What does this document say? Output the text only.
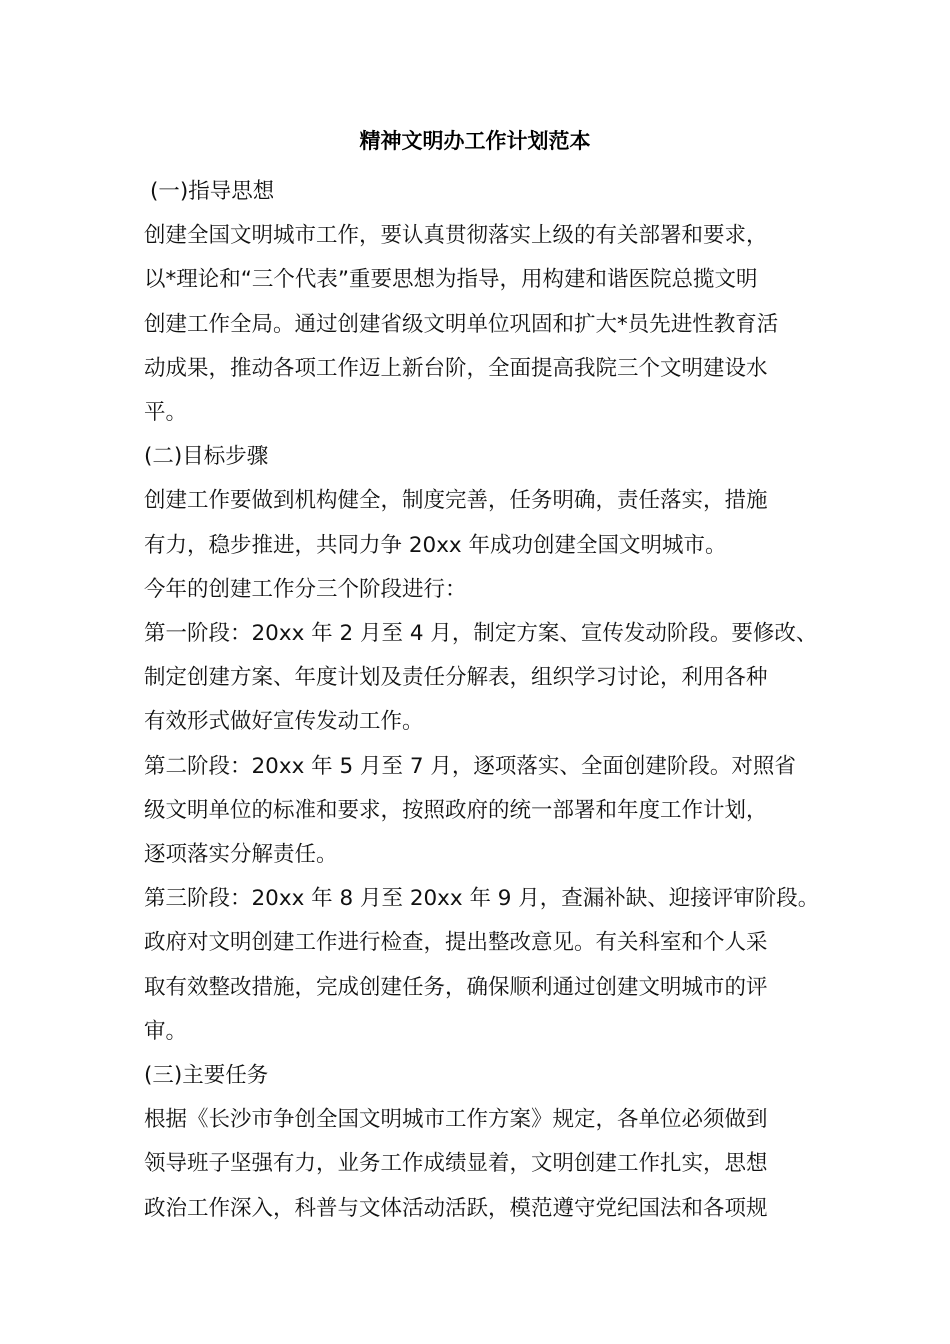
精神文明办工作计划范本
(一)指导思想
创建全国文明城市工作，要认真贯彻落实上级的有关部署和要求，
以*理论和“三个代表”重要思想为指导，用构建和谐医院总揽文明
创建工作全局。通过创建省级文明单位巩固和扩大*员先进性教育活
动成果，推动各项工作迈上新台阶，全面提高我院三个文明建设水
平。
(二)目标步骤
创建工作要做到机构健全，制度完善，任务明确，责任落实，措施
有力，稳步推进，共同力争 20xx 年成功创建全国文明城市。
今年的创建工作分三个阶段进行：
第一阶段：20xx 年 2 月至 4 月，制定方案、宣传发动阶段。要修改、
制定创建方案、年度计划及责任分解表，组织学习讨论，利用各种
有效形式做好宣传发动工作。
第二阶段：20xx 年 5 月至 7 月，逐项落实、全面创建阶段。对照省
级文明单位的标准和要求，按照政府的统一部署和年度工作计划，
逐项落实分解责任。
第三阶段：20xx 年 8 月至 20xx 年 9 月，查漏补缺、迎接评审阶段。
政府对文明创建工作进行检查，提出整改意见。有关科室和个人采
取有效整改措施，完成创建任务，确保顺利通过创建文明城市的评
审。
(三)主要任务
根据《长沙市争创全国文明城市工作方案》规定，各单位必须做到
领导班子坚强有力，业务工作成绩显着，文明创建工作扎实，思想
政治工作深入，科普与文体活动活跃，模范遵守党纪国法和各项规
